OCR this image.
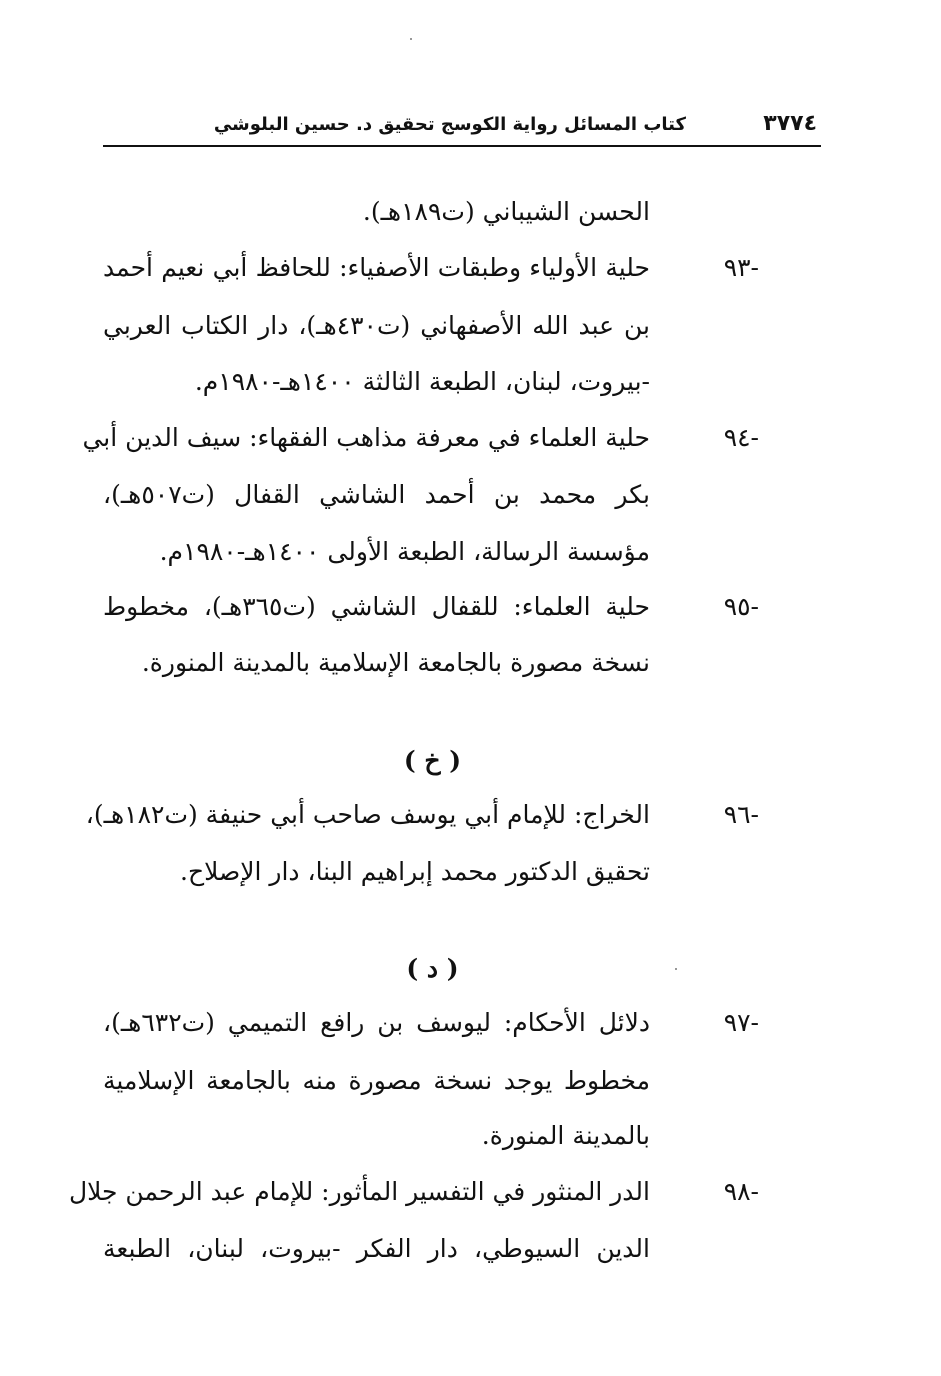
٣٧٧٤
كتاب المسائل رواية الكوسج تحقيق د. حسين البلوشي
الحسن الشيباني (ت١٨٩هـ).
-٩٣
حلية الأولياء وطبقات الأصفياء: للحافظ أبي نعيم أحمد
بن عبد الله الأصفهاني (ت٤٣٠هـ)، دار الكتاب العربي
-بيروت، لبنان، الطبعة الثالثة ١٤٠٠هـ-١٩٨٠م.
-٩٤
حلية العلماء في معرفة مذاهب الفقهاء: سيف الدين أبي
بكر محمد بن أحمد الشاشي القفال (ت٥٠٧هـ)،
مؤسسة الرسالة، الطبعة الأولى ١٤٠٠هـ-١٩٨٠م.
-٩٥
حلية العلماء: للقفال الشاشي (ت٣٦٥هـ)، مخطوط
نسخة مصورة بالجامعة الإسلامية بالمدينة المنورة.
( خ )
-٩٦
الخراج: للإمام أبي يوسف صاحب أبي حنيفة (ت١٨٢هـ)،
تحقيق الدكتور محمد إبراهيم البنا، دار الإصلاح.
( د )
-٩٧
دلائل الأحكام: ليوسف بن رافع التميمي (ت٦٣٢هـ)،
مخطوط يوجد نسخة مصورة منه بالجامعة الإسلامية
بالمدينة المنورة.
-٩٨
الدر المنثور في التفسير المأثور: للإمام عبد الرحمن جلال
الدين السيوطي، دار الفكر -بيروت، لبنان، الطبعة
